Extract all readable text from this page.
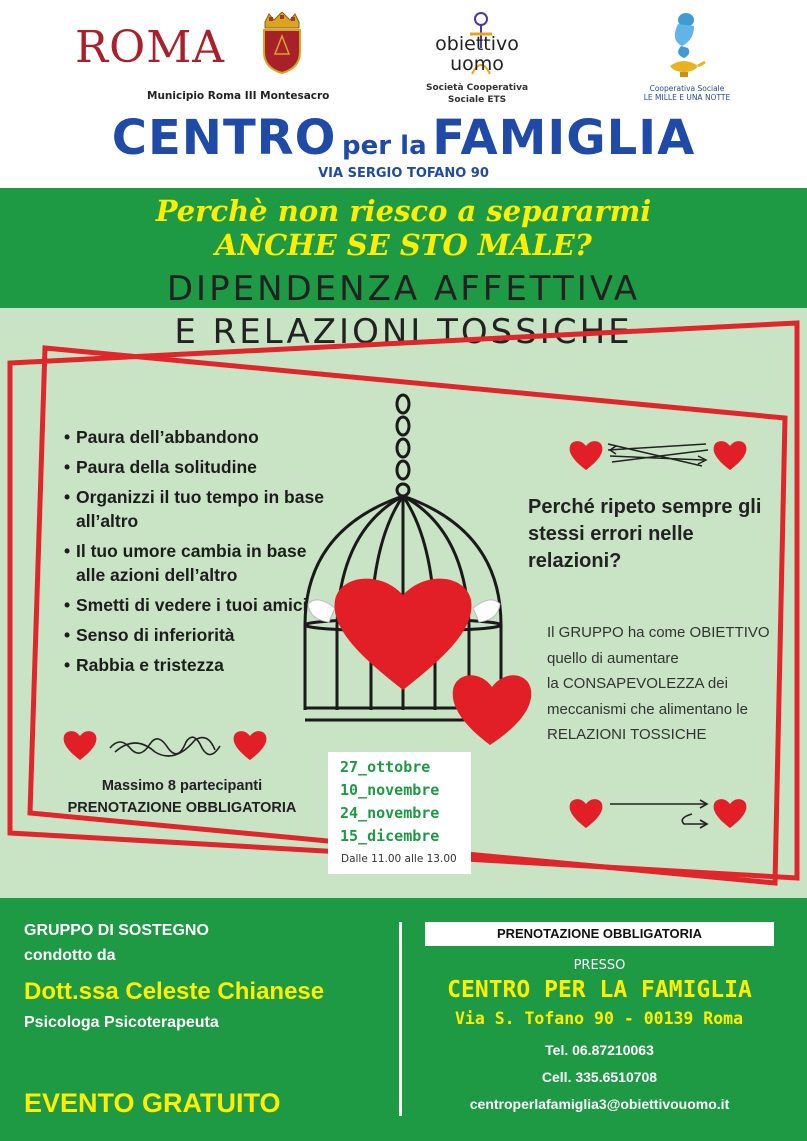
ROMA
Municipio Roma III Montesacro
obiettivo
uomo
Società Cooperativa
Sociale ETS
Cooperativa Sociale
LE MILLE E UNA NOTTE
CENTRO per la FAMIGLIA
VIA SERGIO TOFANO 90
Perchè non riesco a separarmi
ANCHE SE STO MALE?
DIPENDENZA AFFETTIVA
E RELAZIONI TOSSICHE
• Paura dell’abbandono
• Paura della solitudine
• Organizzi il tuo tempo in base all’altro
• Il tuo umore cambia in base alle azioni dell’altro
• Smetti di vedere i tuoi amici
• Senso di inferiorità
• Rabbia e tristezza
Massimo 8 partecipanti
PRENOTAZIONE OBBLIGATORIA
27_ottobre
10_novembre
24_novembre
15_dicembre
Dalle 11.00 alle 13.00
Perché ripeto sempre gli stessi errori nelle relazioni?
Il GRUPPO ha come OBIETTIVO
quello di aumentare
la CONSAPEVOLEZZA dei
meccanismi che alimentano le
RELAZIONI TOSSICHE
GRUPPO DI SOSTEGNO
condotto da
Dott.ssa Celeste Chianese
Psicologa Psicoterapeuta
EVENTO GRATUITO
PRENOTAZIONE OBBLIGATORIA
PRESSO
CENTRO PER LA FAMIGLIA
Via S. Tofano 90 - 00139 Roma
Tel. 06.87210063
Cell. 335.6510708
centroperlafamiglia3@obiettivouomo.it
